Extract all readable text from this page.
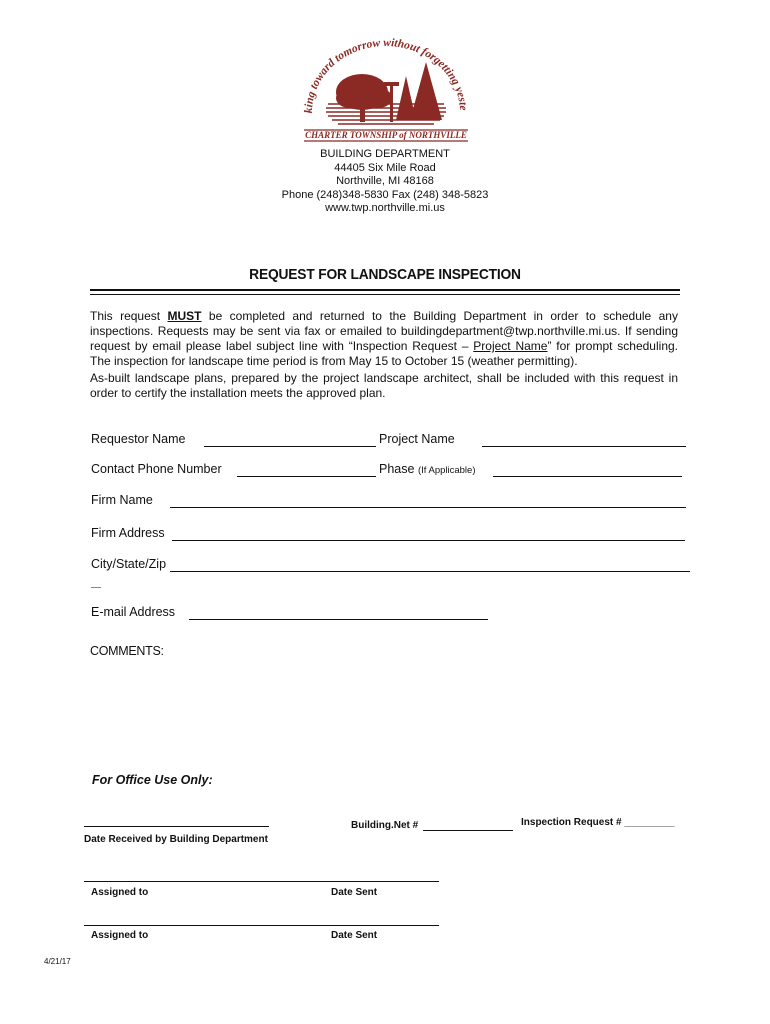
king toward tomorrow without forgetting yeste
CHARTER TOWNSHIP of NORTHVILLE
BUILDING DEPARTMENT
44405 Six Mile Road
Northville, MI 48168
Phone (248)348-5830 Fax (248) 348-5823
www.twp.northville.mi.us
REQUEST FOR LANDSCAPE INSPECTION
This request MUST be completed and returned to the Building Department in order to schedule any inspections. Requests may be sent via fax or emailed to buildingdepartment@twp.northville.mi.us. If sending request by email please label subject line with “Inspection Request – Project Name” for prompt scheduling. The inspection for landscape time period is from May 15 to October 15 (weather permitting).
As-built landscape plans, prepared by the project landscape architect, shall be included with this request in order to certify the installation meets the approved plan.
Requestor Name	Project Name
Contact Phone Number	Phase (If Applicable)
Firm Name
Firm Address
City/State/Zip
E-mail Address
COMMENTS:
For Office Use Only:
Date Received by Building Department
Building.Net #	Inspection Request # _________
Assigned to	Date Sent
Assigned to	Date Sent
4/21/17
